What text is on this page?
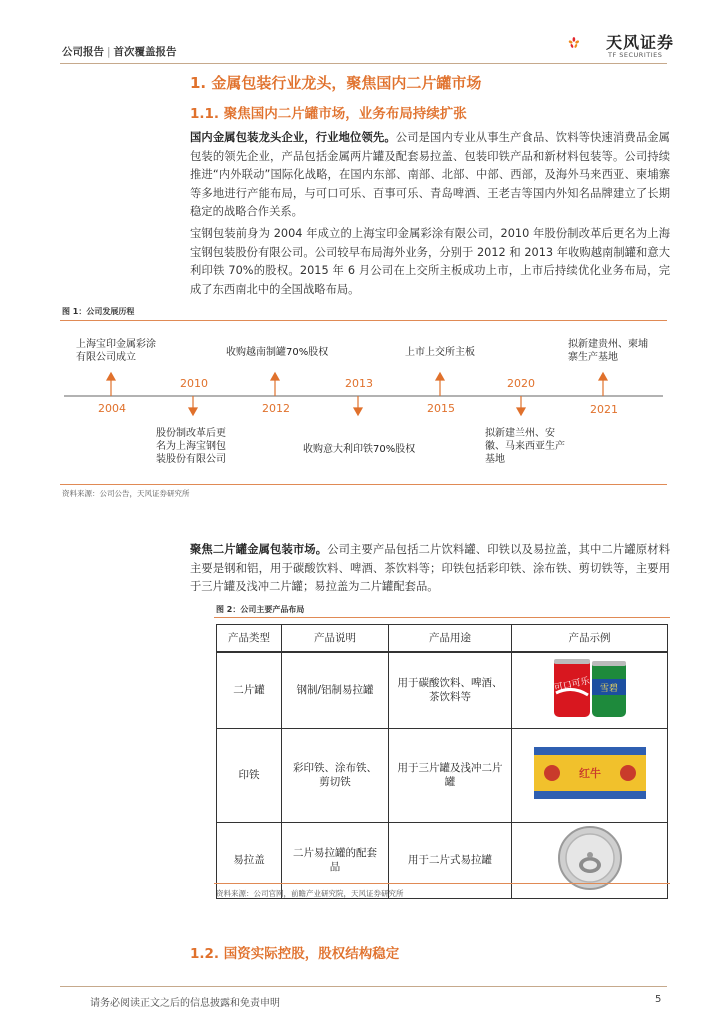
公司报告 | 首次覆盖报告	天风证券
TF SECURITIES
1. 金属包装行业龙头，聚焦国内二片罐市场
1.1. 聚焦国内二片罐市场，业务布局持续扩张
国内金属包装龙头企业，行业地位领先。公司是国内专业从事生产食品、饮料等快速消费品金属包装的领先企业，产品包括金属两片罐及配套易拉盖、包装印铁产品和新材料包装等。公司持续推进“内外联动”国际化战略，在国内东部、南部、北部、中部、西部，及海外马来西亚、柬埔寨等多地进行产能布局，与可口可乐、百事可乐、青岛啤酒、王老吉等国内外知名品牌建立了长期稳定的战略合作关系。
宝钢包装前身为 2004 年成立的上海宝印金属彩涂有限公司，2010 年股份制改革后更名为上海宝钢包装股份有限公司。公司较早布局海外业务，分别于 2012 和 2013 年收购越南制罐和意大利印铁 70%的股权。2015 年 6 月公司在上交所主板成功上市，上市后持续优化业务布局，完成了东西南北中的全国战略布局。
图 1：公司发展历程
2004
2010
2012
2013
2015
2020
2021
上海宝印金属彩涂有限公司成立
股份制改革后更名为上海宝钢包装股份有限公司
收购越南制罐70%股权
收购意大利印铁70%股权
上市上交所主板
拟新建兰州、安徽、马来西亚生产基地
拟新建贵州、柬埔寨生产基地
资料来源：公司公告，天风证券研究所
聚焦二片罐金属包装市场。公司主要产品包括二片饮料罐、印铁以及易拉盖，其中二片罐原材料主要是钢和铝，用于碳酸饮料、啤酒、茶饮料等；印铁包括彩印铁、涂布铁、剪切铁等，主要用于三片罐及浅冲二片罐；易拉盖为二片罐配套品。
图 2：公司主要产品布局
产品类型	产品说明	产品用途	产品示例
二片罐	钢制/铝制易拉罐	用于碳酸饮料、啤酒、茶饮料等	可口可乐 雪碧

印铁	彩印铁、涂布铁、剪切铁	用于三片罐及浅冲二片罐	红牛

易拉盖	二片易拉罐的配套品	用于二片式易拉罐	
资料来源：公司官网，前瞻产业研究院，天风证券研究所
1.2. 国资实际控股，股权结构稳定
请务必阅读正文之后的信息披露和免责申明	5
